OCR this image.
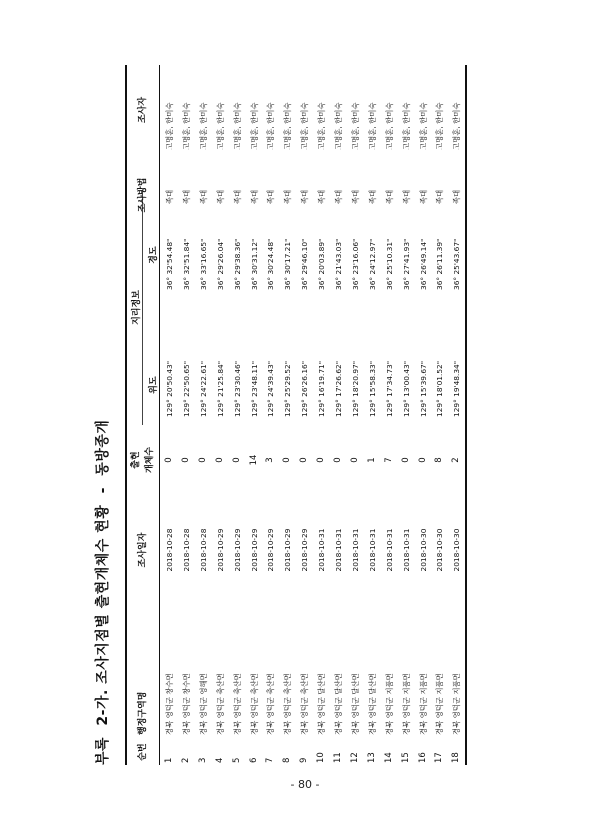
부록 2-가. 조사지점별 출현개체수 현황 - 동방종개
순번
행정구역명
조사일자
출현 개체수
지리정보
위도
경도
조사방법
조사자
1
경북 영덕군 창수면
2018-10-28
0
129° 20'50.43"
36° 32'54.48"
족대
고명훈, 한미숙
2
경북 영덕군 창수면
2018-10-28
0
129° 22'50.65"
36° 32'51.84"
족대
고명훈, 한미숙
3
경북 영덕군 영해면
2018-10-28
0
129° 24'22.61"
36° 33'16.65"
족대
고명훈, 한미숙
4
경북 영덕군 축산면
2018-10-29
0
129° 21'25.84"
36° 29'26.04"
족대
고명훈, 한미숙
5
경북 영덕군 축산면
2018-10-29
0
129° 23'30.46"
36° 29'38.36"
족대
고명훈, 한미숙
6
경북 영덕군 축산면
2018-10-29
14
129° 23'48.11"
36° 30'31.12"
족대
고명훈, 한미숙
7
경북 영덕군 축산면
2018-10-29
3
129° 24'39.43"
36° 30'24.48"
족대
고명훈, 한미숙
8
경북 영덕군 축산면
2018-10-29
0
129° 25'29.52"
36° 30'17.21"
족대
고명훈, 한미숙
9
경북 영덕군 축산면
2018-10-29
0
129° 26'26.16"
36° 29'46.10"
족대
고명훈, 한미숙
10
경북 영덕군 달산면
2018-10-31
0
129° 16'19.71"
36° 20'03.89"
족대
고명훈, 한미숙
11
경북 영덕군 달산면
2018-10-31
0
129° 17'26.62"
36° 21'43.03"
족대
고명훈, 한미숙
12
경북 영덕군 달산면
2018-10-31
0
129° 18'20.97"
36° 23'16.06"
족대
고명훈, 한미숙
13
경북 영덕군 달산면
2018-10-31
1
129° 15'58.33"
36° 24'12.97"
족대
고명훈, 한미숙
14
경북 영덕군 지품면
2018-10-31
7
129° 17'34.73"
36° 25'10.31"
족대
고명훈, 한미숙
15
경북 영덕군 지품면
2018-10-31
0
129° 13'00.43"
36° 27'41.93"
족대
고명훈, 한미숙
16
경북 영덕군 지품면
2018-10-30
0
129° 15'39.67"
36° 26'49.14"
족대
고명훈, 한미숙
17
경북 영덕군 지품면
2018-10-30
8
129° 18'01.52"
36° 26'11.39"
족대
고명훈, 한미숙
18
경북 영덕군 지품면
2018-10-30
2
129° 19'48.34"
36° 25'43.67"
족대
고명훈, 한미숙
- 80 -
